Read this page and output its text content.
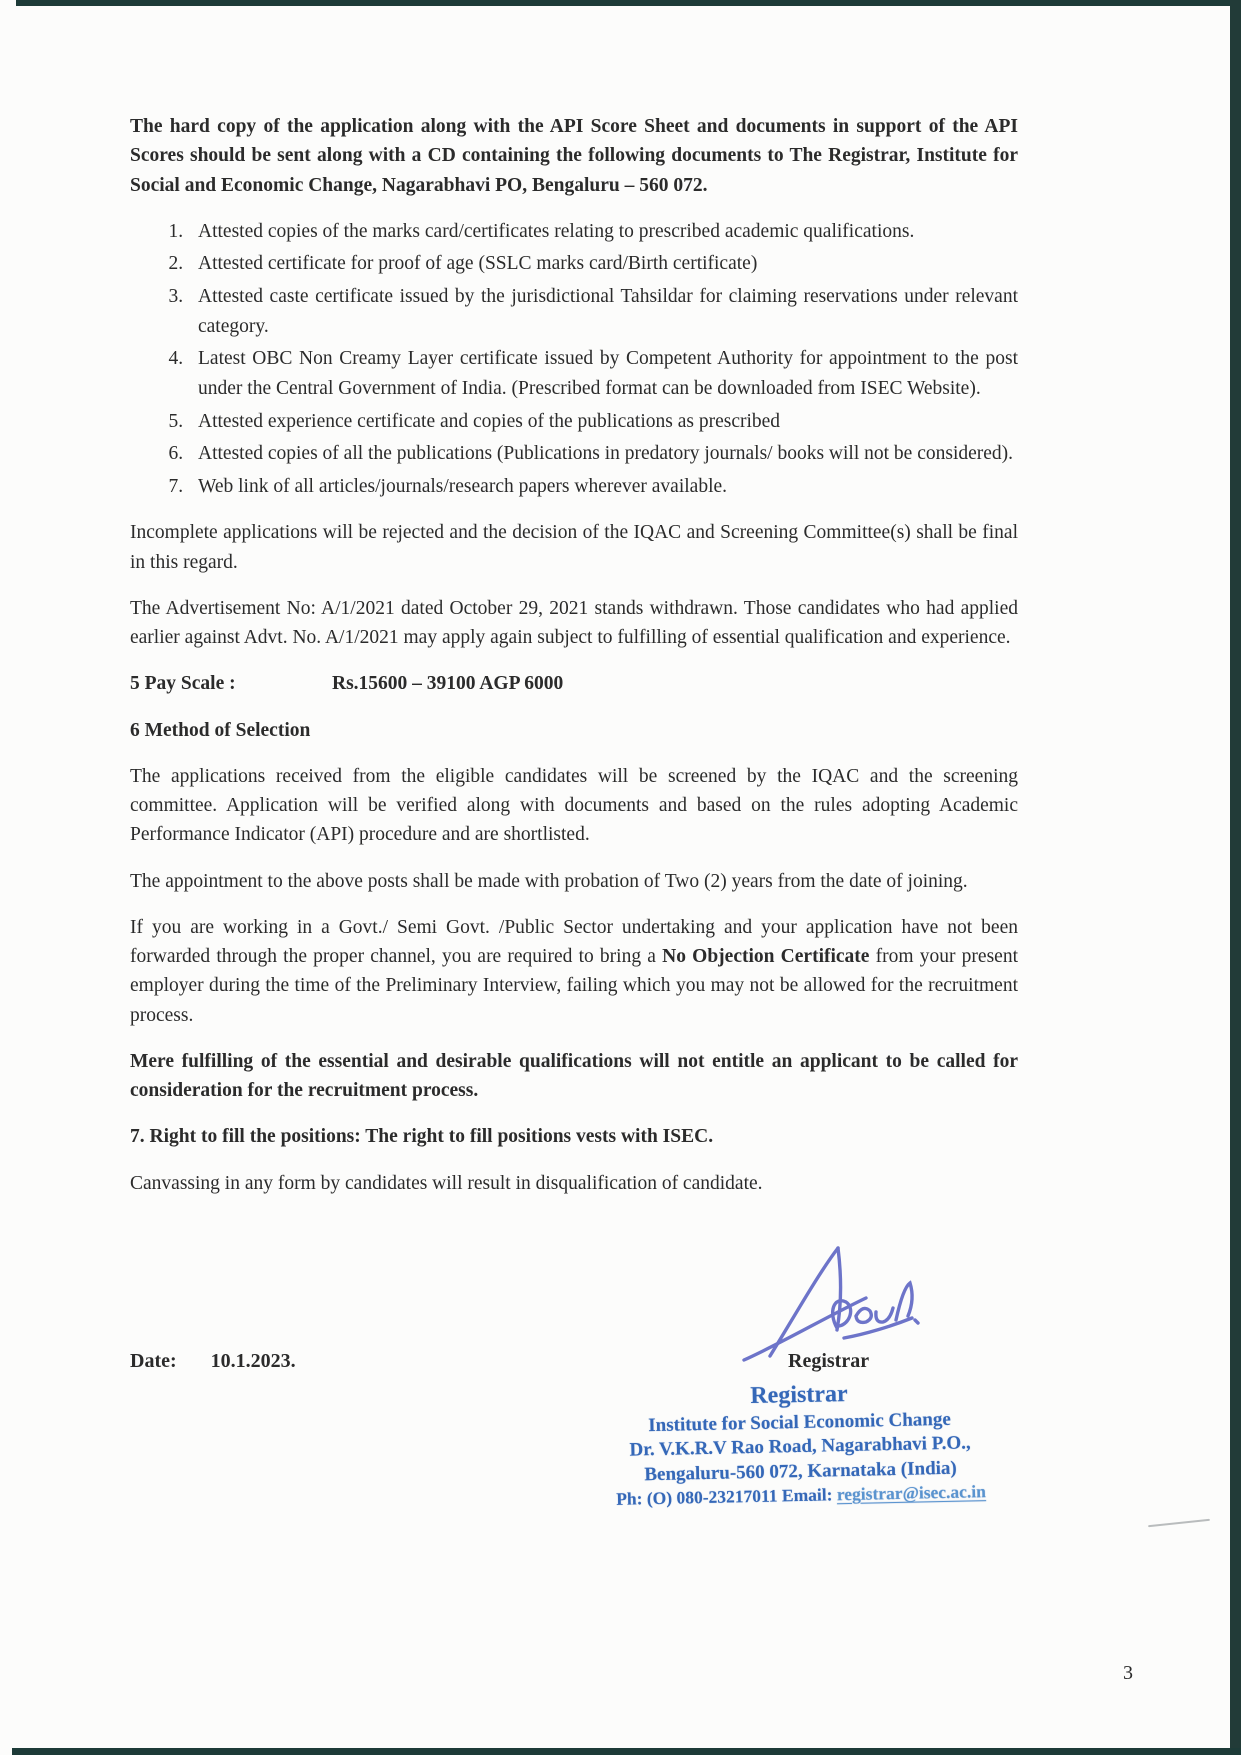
The hard copy of the application along with the API Score Sheet and documents in support of the API Scores should be sent along with a CD containing the following documents to The Registrar, Institute for Social and Economic Change, Nagarabhavi PO, Bengaluru – 560 072.

1. Attested copies of the marks card/certificates relating to prescribed academic qualifications.
2. Attested certificate for proof of age (SSLC marks card/Birth certificate)
3. Attested caste certificate issued by the jurisdictional Tahsildar for claiming reservations under relevant category.
4. Latest OBC Non Creamy Layer certificate issued by Competent Authority for appointment to the post under the Central Government of India. (Prescribed format can be downloaded from ISEC Website).
5. Attested experience certificate and copies of the publications as prescribed
6. Attested copies of all the publications (Publications in predatory journals/ books will not be considered).
7. Web link of all articles/journals/research papers wherever available.

Incomplete applications will be rejected and the decision of the IQAC and Screening Committee(s) shall be final in this regard.

The Advertisement No: A/1/2021 dated October 29, 2021 stands withdrawn. Those candidates who had applied earlier against Advt. No. A/1/2021 may apply again subject to fulfilling of essential qualification and experience.

5 Pay Scale :	Rs.15600 – 39100 AGP 6000

6 Method of Selection

The applications received from the eligible candidates will be screened by the IQAC and the screening committee. Application will be verified along with documents and based on the rules adopting Academic Performance Indicator (API) procedure and are shortlisted.

The appointment to the above posts shall be made with probation of Two (2) years from the date of joining.

If you are working in a Govt./ Semi Govt. /Public Sector undertaking and your application have not been forwarded through the proper channel, you are required to bring a No Objection Certificate from your present employer during the time of the Preliminary Interview, failing which you may not be allowed for the recruitment process.

Mere fulfilling of the essential and desirable qualifications will not entitle an applicant to be called for consideration for the recruitment process.

7. Right to fill the positions: The right to fill positions vests with ISEC.

Canvassing in any form by candidates will result in disqualification of candidate.

Date: 10.1.2023.	Registrar
Registrar
Institute for Social Economic Change
Dr. V.K.R.V Rao Road, Nagarabhavi P.O.,
Bengaluru-560 072, Karnataka (India)
Ph: (O) 080-23217011 Email: registrar@isec.ac.in
3
